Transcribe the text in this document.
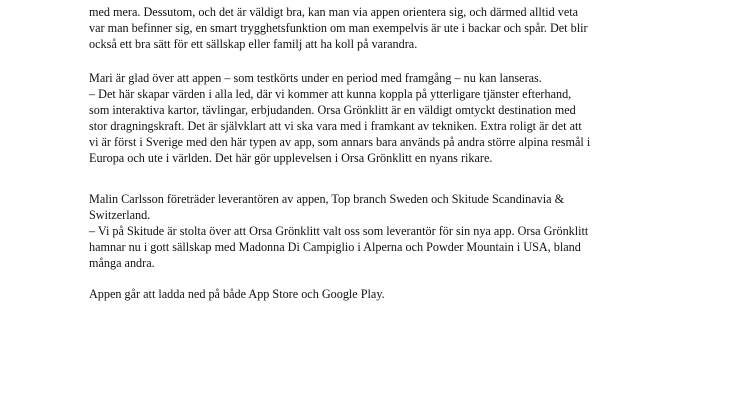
med mera. Dessutom, och det är väldigt bra, kan man via appen orientera sig, och därmed alltid veta
var man befinner sig, en smart trygghetsfunktion om man exempelvis är ute i backar och spår. Det blir
också ett bra sätt för ett sällskap eller familj att ha koll på varandra.
Mari är glad över att appen – som testkörts under en period med framgång – nu kan lanseras.
– Det här skapar värden i alla led, där vi kommer att kunna koppla på ytterligare tjänster efterhand,
som interaktiva kartor, tävlingar, erbjudanden. Orsa Grönklitt är en väldigt omtyckt destination med
stor dragningskraft. Det är självklart att vi ska vara med i framkant av tekniken. Extra roligt är det att
vi är först i Sverige med den här typen av app, som annars bara används på andra större alpina resmål i
Europa och ute i världen. Det här gör upplevelsen i Orsa Grönklitt en nyans rikare.
Malin Carlsson företräder leverantören av appen, Top branch Sweden och Skitude Scandinavia &
Switzerland.
– Vi på Skitude är stolta över att Orsa Grönklitt valt oss som leverantör för sin nya app. Orsa Grönklitt
hamnar nu i gott sällskap med Madonna Di Campiglio i Alperna och Powder Mountain i USA, bland
många andra.
Appen går att ladda ned på både App Store och Google Play.
